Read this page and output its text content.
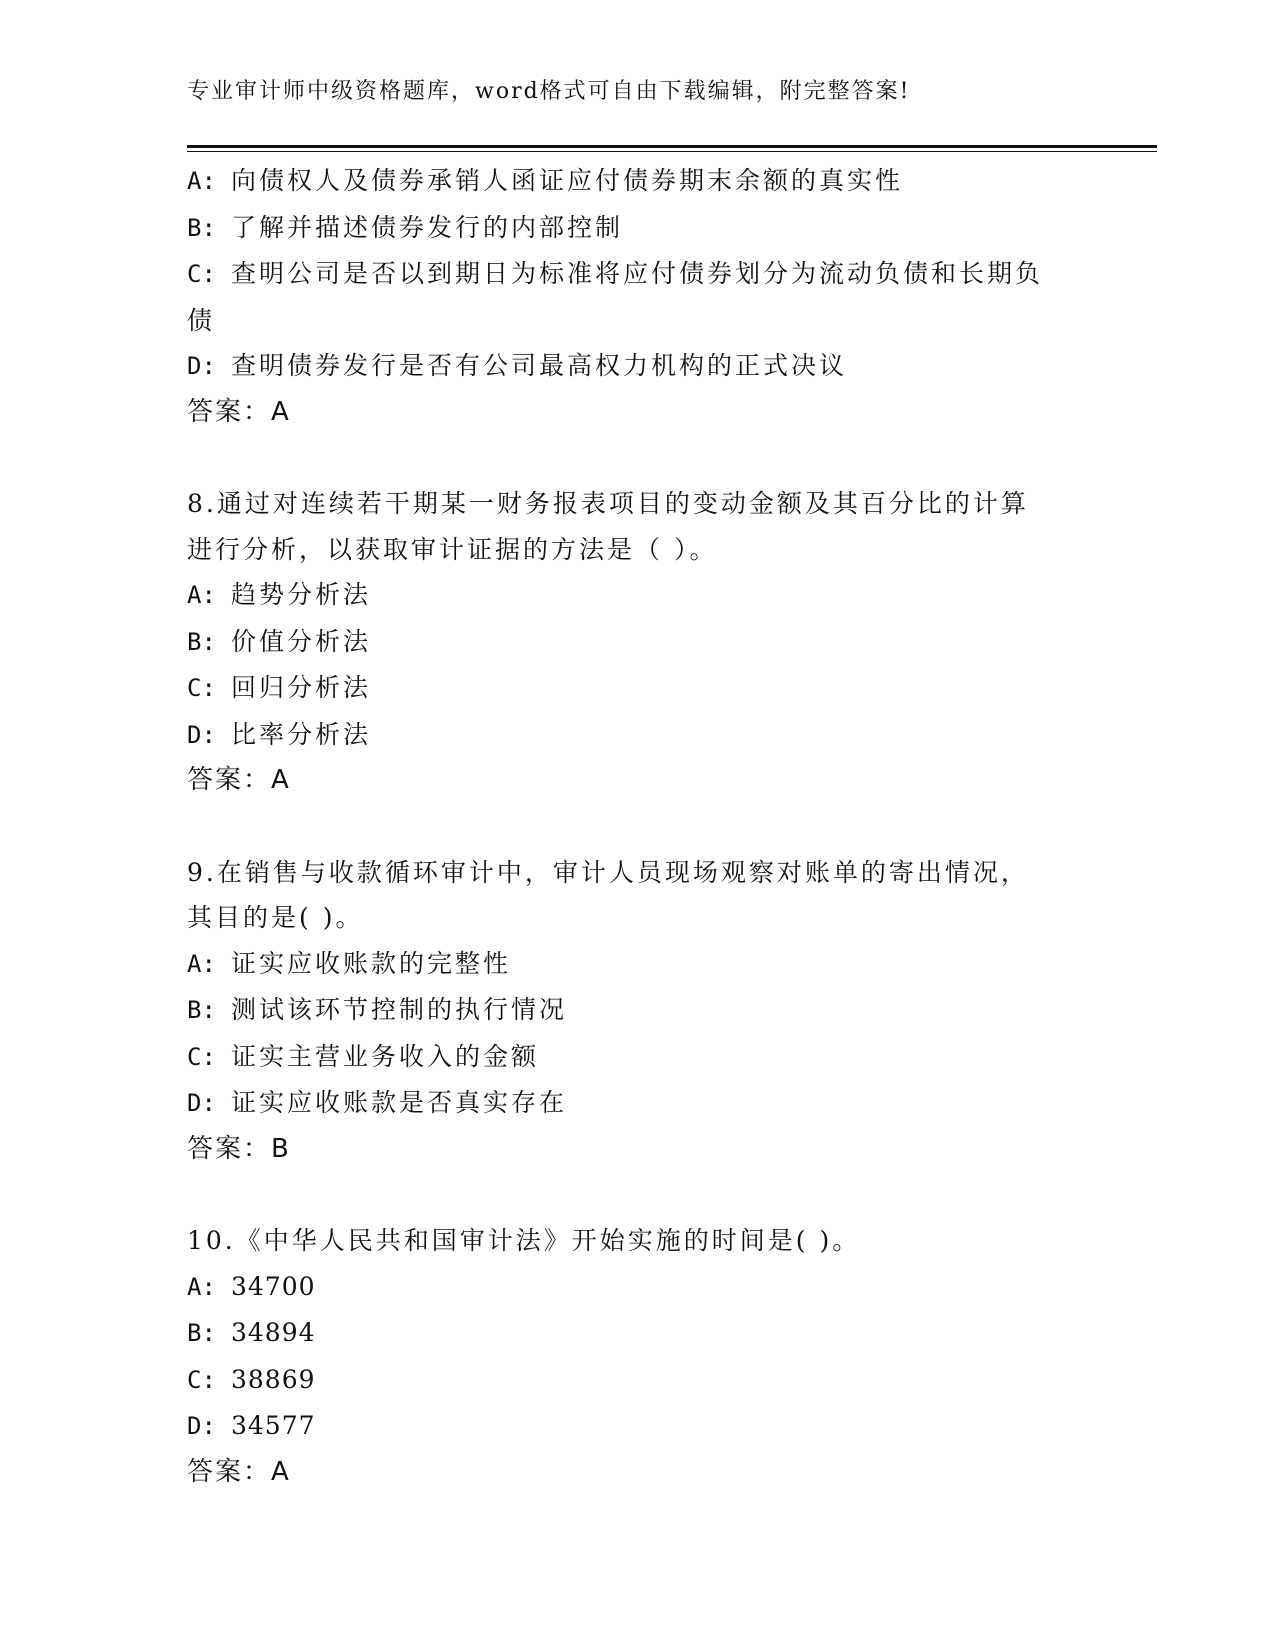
专业审计师中级资格题库，word格式可自由下载编辑，附完整答案!
A: 向债权人及债券承销人函证应付债券期末余额的真实性
B: 了解并描述债券发行的内部控制
C: 查明公司是否以到期日为标准将应付债券划分为流动负债和长期负
债
D: 查明债券发行是否有公司最高权力机构的正式决议
答案：A
8.通过对连续若干期某一财务报表项目的变动金额及其百分比的计算
进行分析，以获取审计证据的方法是（ ）。
A: 趋势分析法
B: 价值分析法
C: 回归分析法
D: 比率分析法
答案：A
9.在销售与收款循环审计中，审计人员现场观察对账单的寄出情况，
其目的是( )。
A: 证实应收账款的完整性
B: 测试该环节控制的执行情况
C: 证实主营业务收入的金额
D: 证实应收账款是否真实存在
答案：B
10.《中华人民共和国审计法》开始实施的时间是( )。
A: 34700
B: 34894
C: 38869
D: 34577
答案：A
